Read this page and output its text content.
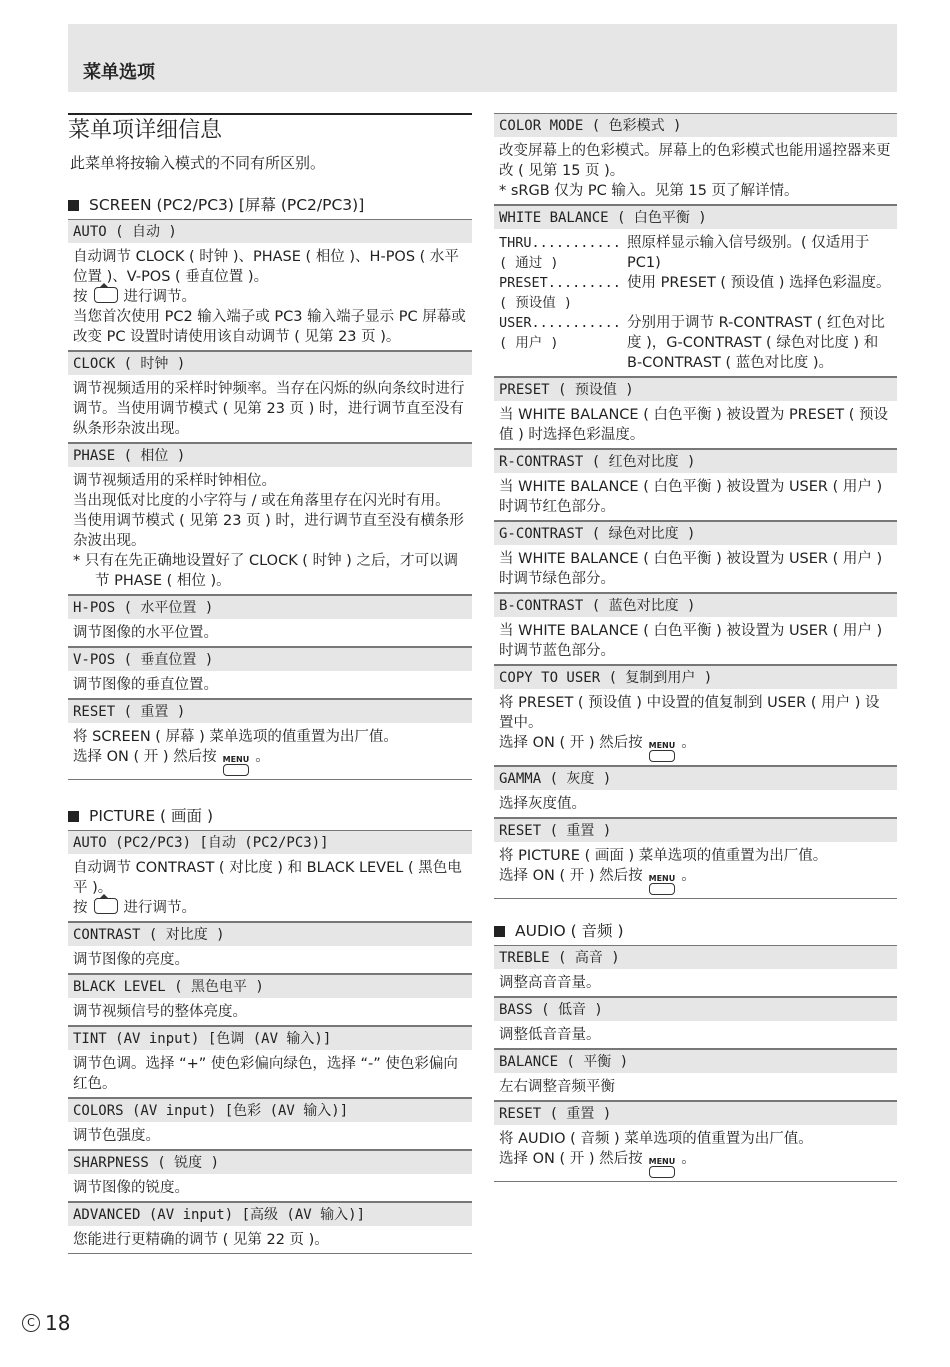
菜单选项
菜单项详细信息
此菜单将按输入模式的不同有所区别。
SCREEN (PC2/PC3) [屏幕 (PC2/PC3)]
AUTO ( 自动 )

自动调节 CLOCK ( 时钟 )、PHASE ( 相位 )、H-POS ( 水平位置 )、V-POS ( 垂直位置 )。

按 进行调节。

当您首次使用 PC2 输入端子或 PC3 输入端子显示 PC 屏幕或改变 PC 设置时请使用该自动调节 ( 见第 23 页 )。

CLOCK ( 时钟 )

调节视频适用的采样时钟频率。当存在闪烁的纵向条纹时进行调节。当使用调节模式 ( 见第 23 页 ) 时，进行调节直至没有纵条形杂波出现。

PHASE ( 相位 )

调节视频适用的采样时钟相位。

当出现低对比度的小字符与 / 或在角落里存在闪光时有用。

当使用调节模式 ( 见第 23 页 ) 时，进行调节直至没有横条形杂波出现。

* 只有在先正确地设置好了 CLOCK ( 时钟 ) 之后，才可以调节 PHASE ( 相位 )。

H-POS ( 水平位置 )

调节图像的水平位置。

V-POS ( 垂直位置 )

调节图像的垂直位置。

RESET ( 重置 )

将 SCREEN ( 屏幕 ) 菜单选项的值重置为出厂值。

选择 ON ( 开 ) 然后按 MENU 。

PICTURE ( 画面 )
AUTO (PC2/PC3) [自动 (PC2/PC3)]

自动调节 CONTRAST ( 对比度 ) 和 BLACK LEVEL ( 黑色电平 )。

按 进行调节。

CONTRAST ( 对比度 )

调节图像的亮度。

BLACK LEVEL ( 黑色电平 )

调节视频信号的整体亮度。

TINT (AV input) [色调 (AV 输入)]

调节色调。选择 “+” 使色彩偏向绿色，选择 “-” 使色彩偏向红色。

COLORS (AV input) [色彩 (AV 输入)]

调节色强度。

SHARPNESS ( 锐度 )

调节图像的锐度。

ADVANCED (AV input) [高级 (AV 输入)]

您能进行更精确的调节 ( 见第 22 页 )。

COLOR MODE ( 色彩模式 )

改变屏幕上的色彩模式。屏幕上的色彩模式也能用遥控器来更改 ( 见第 15 页 )。

* sRGB 仅为 PC 输入。见第 15 页了解详情。

WHITE BALANCE ( 白色平衡 )
THRU...........
( 通过 )
照原样显示输入信号级别。( 仅适用于 PC1)
PRESET.........
( 预设值 )
使用 PRESET ( 预设值 ) 选择色彩温度。
USER...........
( 用户 )
分别用于调节 R-CONTRAST ( 红色对比度 )，G-CONTRAST ( 绿色对比度 ) 和 B-CONTRAST ( 蓝色对比度 )。
PRESET ( 预设值 )

当 WHITE BALANCE ( 白色平衡 ) 被设置为 PRESET ( 预设值 ) 时选择色彩温度。

R-CONTRAST ( 红色对比度 )

当 WHITE BALANCE ( 白色平衡 ) 被设置为 USER ( 用户 ) 时调节红色部分。

G-CONTRAST ( 绿色对比度 )

当 WHITE BALANCE ( 白色平衡 ) 被设置为 USER ( 用户 ) 时调节绿色部分。

B-CONTRAST ( 蓝色对比度 )

当 WHITE BALANCE ( 白色平衡 ) 被设置为 USER ( 用户 ) 时调节蓝色部分。

COPY TO USER ( 复制到用户 )

将 PRESET ( 预设值 ) 中设置的值复制到 USER ( 用户 ) 设置中。

选择 ON ( 开 ) 然后按 MENU 。

GAMMA ( 灰度 )

选择灰度值。

RESET ( 重置 )

将 PICTURE ( 画面 ) 菜单选项的值重置为出厂值。

选择 ON ( 开 ) 然后按 MENU 。

AUDIO ( 音频 )
TREBLE ( 高音 )

调整高音音量。

BASS ( 低音 )

调整低音音量。

BALANCE ( 平衡 )

左右调整音频平衡

RESET ( 重置 )

将 AUDIO ( 音频 ) 菜单选项的值重置为出厂值。

选择 ON ( 开 ) 然后按 MENU 。

C 18
